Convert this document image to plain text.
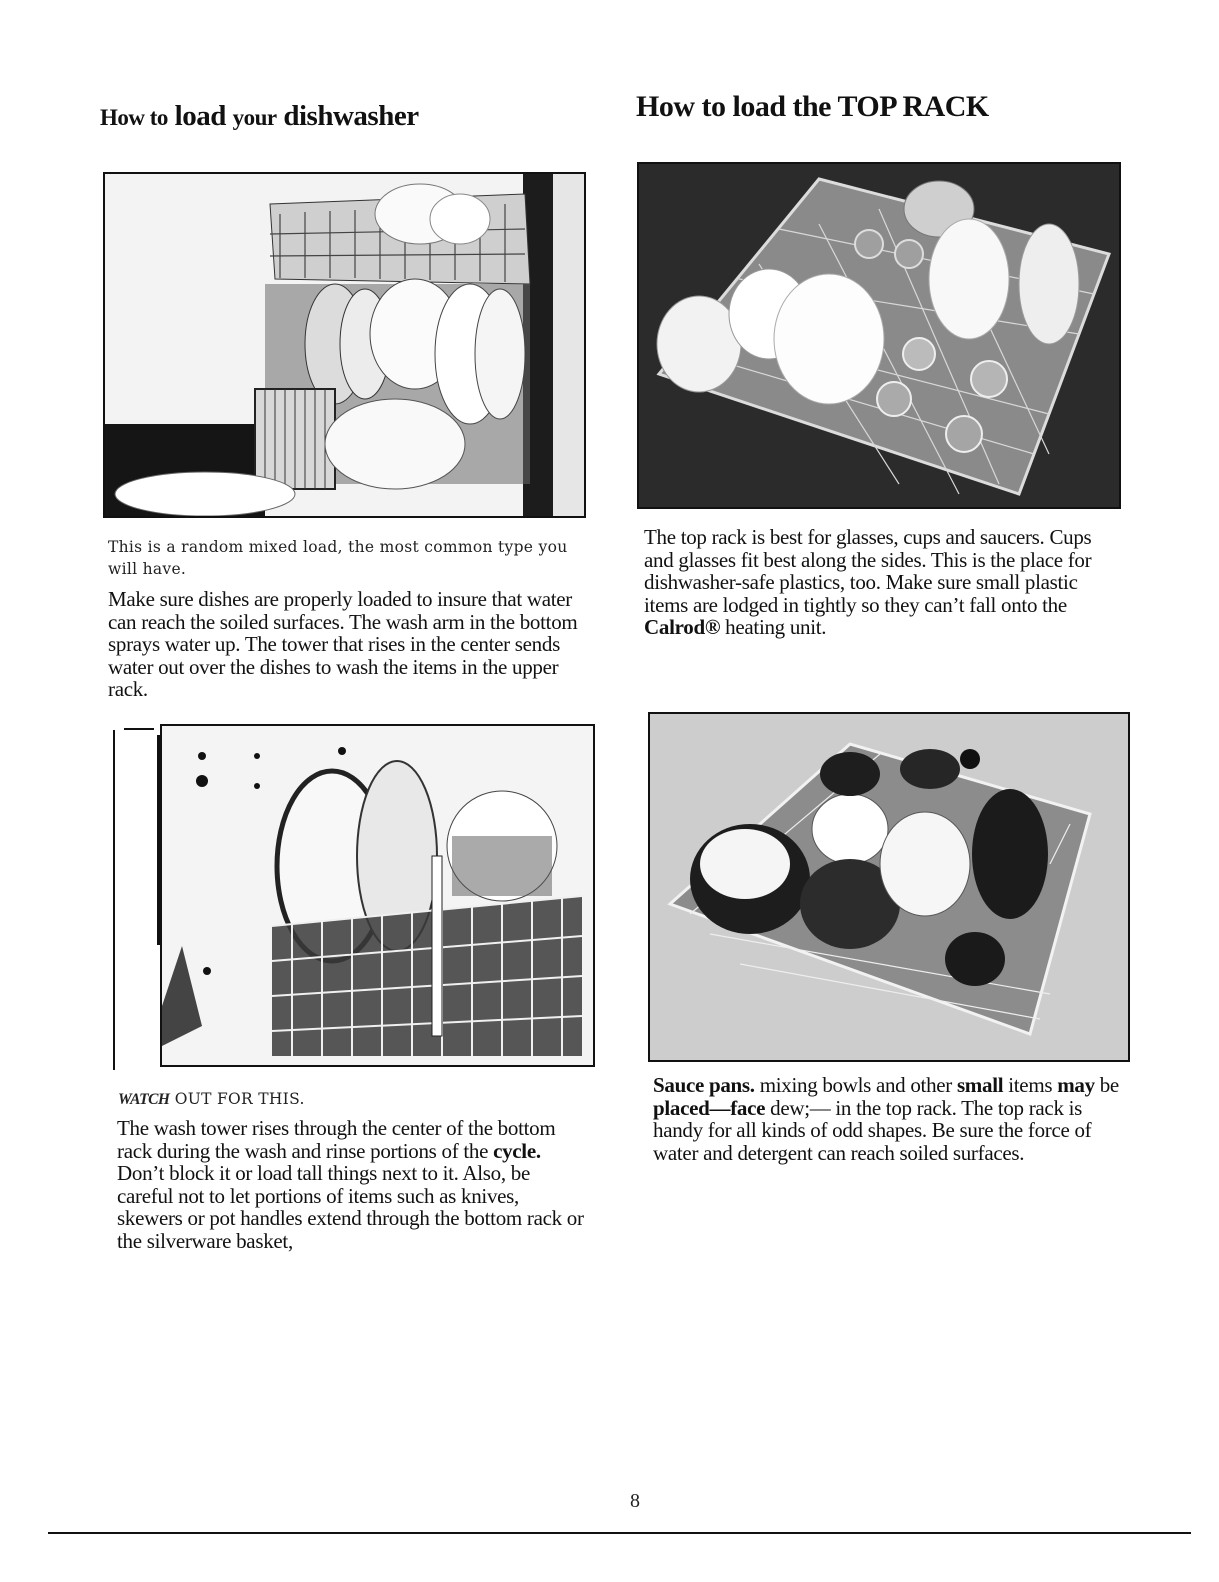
How to load your dishwasher	How to load the TOP RACK
This is a random mixed load, the most common type you will have.
Make sure dishes are properly loaded to insure that water can reach the soiled surfaces. The wash arm in the bottom sprays water up. The tower that rises in the center sends water out over the dishes to wash the items in the upper rack.
The top rack is best for glasses, cups and saucers. Cups and glasses fit best along the sides. This is the place for dishwasher-safe plastics, too. Make sure small plastic items are lodged in tightly so they can’t fall onto the Calrod® heating unit.
WATCH OUT FOR THIS.
The wash tower rises through the center of the bottom rack during the wash and rinse portions of the cycle. Don’t block it or load tall things next to it. Also, be careful not to let portions of items such as knives, skewers or pot handles extend through the bottom rack or the silverware basket,
Sauce pans. mixing bowls and other small items may be placed—face dew;— in the top rack. The top rack is handy for all kinds of odd shapes. Be sure the force of water and detergent can reach soiled surfaces.
8
